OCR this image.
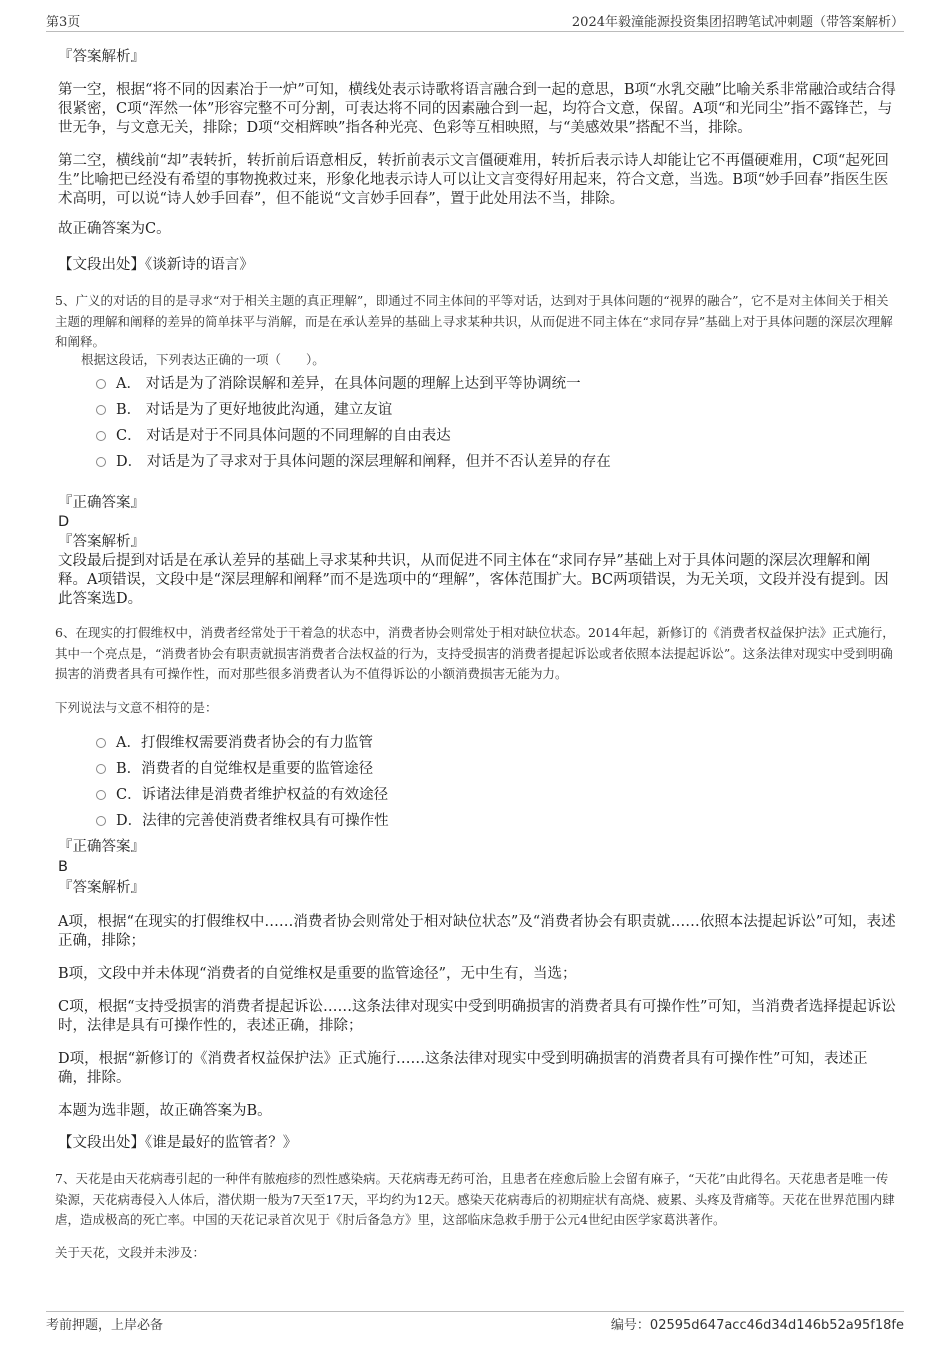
第3页	2024年毅潼能源投资集团招聘笔试冲刺题（带答案解析）

『答案解析』

第一空，根据“将不同的因素冶于一炉”可知，横线处表示诗歌将语言融合到一起的意思，B项“水乳交融”比喻关系非常融洽或结合得很紧密，C项“浑然一体”形容完整不可分割，可表达将不同的因素融合到一起，均符合文意，保留。A项“和光同尘”指不露锋芒，与世无争，与文意无关，排除；D项“交相辉映”指各种光亮、色彩等互相映照，与“美感效果”搭配不当，排除。

第二空，横线前“却”表转折，转折前后语意相反，转折前表示文言僵硬难用，转折后表示诗人却能让它不再僵硬难用，C项“起死回生”比喻把已经没有希望的事物挽救过来，形象化地表示诗人可以让文言变得好用起来，符合文意，当选。B项“妙手回春”指医生医术高明，可以说“诗人妙手回春”，但不能说“文言妙手回春”，置于此处用法不当，排除。

故正确答案为C。

【文段出处】《谈新诗的语言》

5、广义的对话的目的是寻求“对于相关主题的真正理解”，即通过不同主体间的平等对话，达到对于具体问题的“视界的融合”，它不是对主体间关于相关主题的理解和阐释的差异的简单抹平与消解，而是在承认差异的基础上寻求某种共识，从而促进不同主体在“求同存异”基础上对于具体问题的深层次理解和阐释。

根据这段话，下列表达正确的一项（　　）。

A． 对话是为了消除误解和差异，在具体问题的理解上达到平等协调统一
B． 对话是为了更好地彼此沟通，建立友谊
C． 对话是对于不同具体问题的不同理解的自由表达
D． 对话是为了寻求对于具体问题的深层理解和阐释，但并不否认差异的存在

『正确答案』

D

『答案解析』

文段最后提到对话是在承认差异的基础上寻求某种共识，从而促进不同主体在“求同存异”基础上对于具体问题的深层次理解和阐释。A项错误，文段中是“深层理解和阐释”而不是选项中的“理解”，客体范围扩大。BC两项错误，为无关项，文段并没有提到。因此答案选D。

6、在现实的打假维权中，消费者经常处于干着急的状态中，消费者协会则常处于相对缺位状态。2014年起，新修订的《消费者权益保护法》正式施行，其中一个亮点是，“消费者协会有职责就损害消费者合法权益的行为，支持受损害的消费者提起诉讼或者依照本法提起诉讼”。这条法律对现实中受到明确损害的消费者具有可操作性，而对那些很多消费者认为不值得诉讼的小额消费损害无能为力。

下列说法与文意不相符的是：

A．打假维权需要消费者协会的有力监管
B．消费者的自觉维权是重要的监管途径
C．诉诸法律是消费者维护权益的有效途径
D．法律的完善使消费者维权具有可操作性

『正确答案』

B

『答案解析』

A项，根据“在现实的打假维权中……消费者协会则常处于相对缺位状态”及“消费者协会有职责就……依照本法提起诉讼”可知，表述正确，排除；

B项，文段中并未体现“消费者的自觉维权是重要的监管途径”，无中生有，当选；

C项，根据“支持受损害的消费者提起诉讼……这条法律对现实中受到明确损害的消费者具有可操作性”可知，当消费者选择提起诉讼时，法律是具有可操作性的，表述正确，排除；

D项，根据“新修订的《消费者权益保护法》正式施行……这条法律对现实中受到明确损害的消费者具有可操作性”可知，表述正确，排除。

本题为选非题，故正确答案为B。

【文段出处】《谁是最好的监管者？》

7、天花是由天花病毒引起的一种伴有脓疱疹的烈性感染病。天花病毒无药可治，且患者在痊愈后脸上会留有麻子，“天花”由此得名。天花患者是唯一传染源，天花病毒侵入人体后，潜伏期一般为7天至17天，平均约为12天。感染天花病毒后的初期症状有高烧、疲累、头疼及背痛等。天花在世界范围内肆虐，造成极高的死亡率。中国的天花记录首次见于《肘后备急方》里，这部临床急救手册于公元4世纪由医学家葛洪著作。

关于天花，文段并未涉及：

考前押题，上岸必备	编号：02595d647acc46d34d146b52a95f18fe
